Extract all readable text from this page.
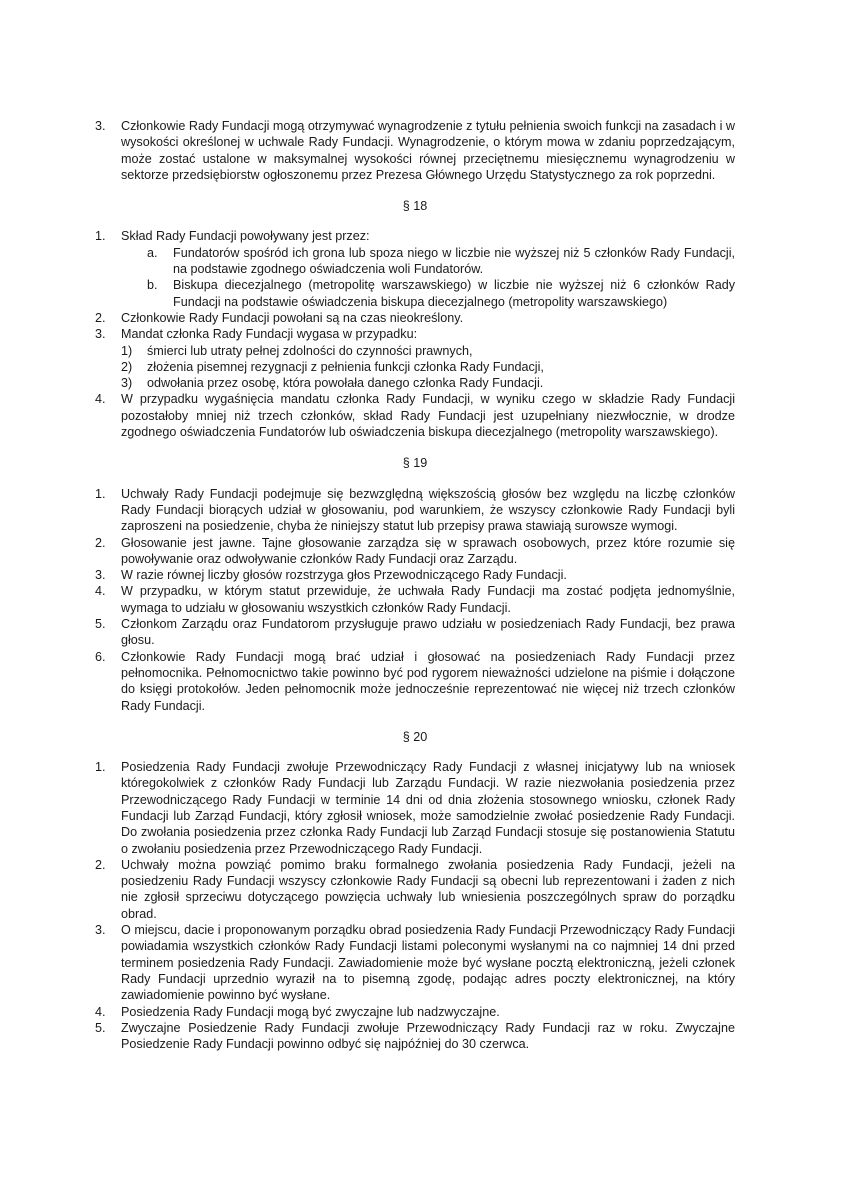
3. Członkowie Rady Fundacji mogą otrzymywać wynagrodzenie z tytułu pełnienia swoich funkcji na zasadach i w wysokości określonej w uchwale Rady Fundacji. Wynagrodzenie, o którym mowa w zdaniu poprzedzającym, może zostać ustalone w maksymalnej wysokości równej przeciętnemu miesięcznemu wynagrodzeniu w sektorze przedsiębiorstw ogłoszonemu przez Prezesa Głównego Urzędu Statystycznego za rok poprzedni.
§ 18
1. Skład Rady Fundacji powoływany jest przez:
a. Fundatorów spośród ich grona lub spoza niego w liczbie nie wyższej niż 5 członków Rady Fundacji, na podstawie zgodnego oświadczenia woli Fundatorów.
b. Biskupa diecezjalnego (metropolitę warszawskiego) w liczbie nie wyższej niż 6 członków Rady Fundacji na podstawie oświadczenia biskupa diecezjalnego (metropolity warszawskiego)
2. Członkowie Rady Fundacji powołani są na czas nieokreślony.
3. Mandat członka Rady Fundacji wygasa w przypadku:
1) śmierci lub utraty pełnej zdolności do czynności prawnych,
2) złożenia pisemnej rezygnacji z pełnienia funkcji członka Rady Fundacji,
3) odwołania przez osobę, która powołała danego członka Rady Fundacji.
4. W przypadku wygaśnięcia mandatu członka Rady Fundacji, w wyniku czego w składzie Rady Fundacji pozostałoby mniej niż trzech członków, skład Rady Fundacji jest uzupełniany niezwłocznie, w drodze zgodnego oświadczenia Fundatorów lub oświadczenia biskupa diecezjalnego (metropolity warszawskiego).
§ 19
1. Uchwały Rady Fundacji podejmuje się bezwzględną większością głosów bez względu na liczbę członków Rady Fundacji biorących udział w głosowaniu, pod warunkiem, że wszyscy członkowie Rady Fundacji byli zaproszeni na posiedzenie, chyba że niniejszy statut lub przepisy prawa stawiają surowsze wymogi.
2. Głosowanie jest jawne. Tajne głosowanie zarządza się w sprawach osobowych, przez które rozumie się powoływanie oraz odwoływanie członków Rady Fundacji oraz Zarządu.
3. W razie równej liczby głosów rozstrzyga głos Przewodniczącego Rady Fundacji.
4. W przypadku, w którym statut przewiduje, że uchwała Rady Fundacji ma zostać podjęta jednomyślnie, wymaga to udziału w głosowaniu wszystkich członków Rady Fundacji.
5. Członkom Zarządu oraz Fundatorom przysługuje prawo udziału w posiedzeniach Rady Fundacji, bez prawa głosu.
6. Członkowie Rady Fundacji mogą brać udział i głosować na posiedzeniach Rady Fundacji przez pełnomocnika. Pełnomocnictwo takie powinno być pod rygorem nieważności udzielone na piśmie i dołączone do księgi protokołów. Jeden pełnomocnik może jednocześnie reprezentować nie więcej niż trzech członków Rady Fundacji.
§ 20
1. Posiedzenia Rady Fundacji zwołuje Przewodniczący Rady Fundacji z własnej inicjatywy lub na wniosek któregokolwiek z członków Rady Fundacji lub Zarządu Fundacji. W razie niezwołania posiedzenia przez Przewodniczącego Rady Fundacji w terminie 14 dni od dnia złożenia stosownego wniosku, członek Rady Fundacji lub Zarząd Fundacji, który zgłosił wniosek, może samodzielnie zwołać posiedzenie Rady Fundacji. Do zwołania posiedzenia przez członka Rady Fundacji lub Zarząd Fundacji stosuje się postanowienia Statutu o zwołaniu posiedzenia przez Przewodniczącego Rady Fundacji.
2. Uchwały można powziąć pomimo braku formalnego zwołania posiedzenia Rady Fundacji, jeżeli na posiedzeniu Rady Fundacji wszyscy członkowie Rady Fundacji są obecni lub reprezentowani i żaden z nich nie zgłosił sprzeciwu dotyczącego powzięcia uchwały lub wniesienia poszczególnych spraw do porządku obrad.
3. O miejscu, dacie i proponowanym porządku obrad posiedzenia Rady Fundacji Przewodniczący Rady Fundacji powiadamia wszystkich członków Rady Fundacji listami poleconymi wysłanymi na co najmniej 14 dni przed terminem posiedzenia Rady Fundacji. Zawiadomienie może być wysłane pocztą elektroniczną, jeżeli członek Rady Fundacji uprzednio wyraził na to pisemną zgodę, podając adres poczty elektronicznej, na który zawiadomienie powinno być wysłane.
4. Posiedzenia Rady Fundacji mogą być zwyczajne lub nadzwyczajne.
5. Zwyczajne Posiedzenie Rady Fundacji zwołuje Przewodniczący Rady Fundacji raz w roku. Zwyczajne Posiedzenie Rady Fundacji powinno odbyć się najpóźniej do 30 czerwca.
